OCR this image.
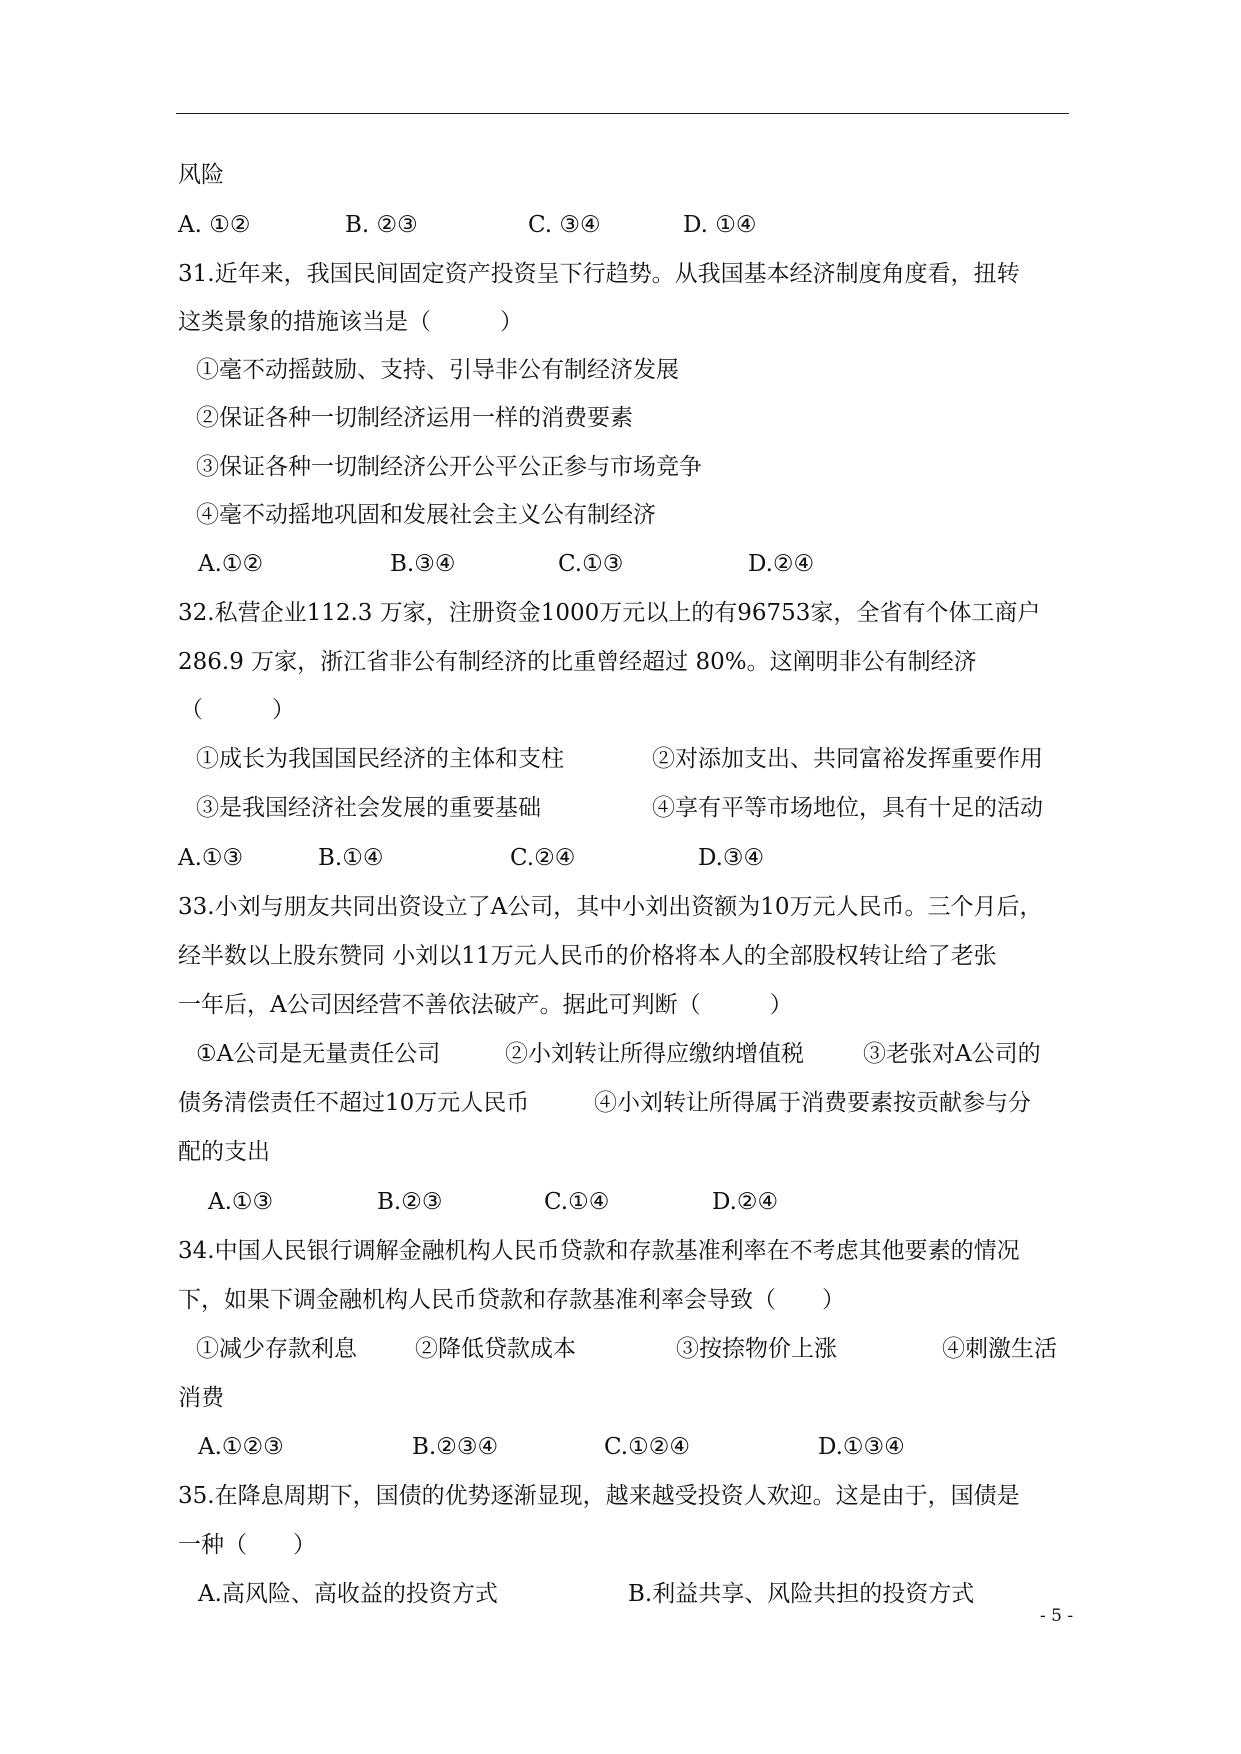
风险
A. ①②	B. ②③	C. ③④	D. ①④
31.近年来，我国民间固定资产投资呈下行趋势。从我国基本经济制度角度看，扭转
这类景象的措施该当是（　　　）
①毫不动摇鼓励、支持、引导非公有制经济发展
②保证各种一切制经济运用一样的消费要素
③保证各种一切制经济公开公平公正参与市场竞争
④毫不动摇地巩固和发展社会主义公有制经济
A.①②	B.③④	C.①③	D.②④
32.私营企业112.3 万家，注册资金1000万元以上的有96753家，全省有个体工商户
286.9 万家，浙江省非公有制经济的比重曾经超过 80%。这阐明非公有制经济
（　　　）
①成长为我国国民经济的主体和支柱	②对添加支出、共同富裕发挥重要作用
③是我国经济社会发展的重要基础	④享有平等市场地位，具有十足的活动
A.①③	B.①④	C.②④	D.③④
33.小刘与朋友共同出资设立了A公司，其中小刘出资额为10万元人民币。三个月后，
经半数以上股东赞同 小刘以11万元人民币的价格将本人的全部股权转让给了老张
一年后，A公司因经营不善依法破产。据此可判断（　　　）
①A公司是无量责任公司	②小刘转让所得应缴纳增值税	③老张对A公司的
债务清偿责任不超过10万元人民币	④小刘转让所得属于消费要素按贡献参与分
配的支出
A.①③	B.②③	C.①④	D.②④
34.中国人民银行调解金融机构人民币贷款和存款基准利率在不考虑其他要素的情况
下，如果下调金融机构人民币贷款和存款基准利率会导致（　　）
①减少存款利息	②降低贷款成本	③按捺物价上涨	④刺激生活
消费
A.①②③	B.②③④	C.①②④	D.①③④
35.在降息周期下，国债的优势逐渐显现，越来越受投资人欢迎。这是由于，国债是
一种（　　）
A.高风险、高收益的投资方式	B.利益共享、风险共担的投资方式
- 5 -
